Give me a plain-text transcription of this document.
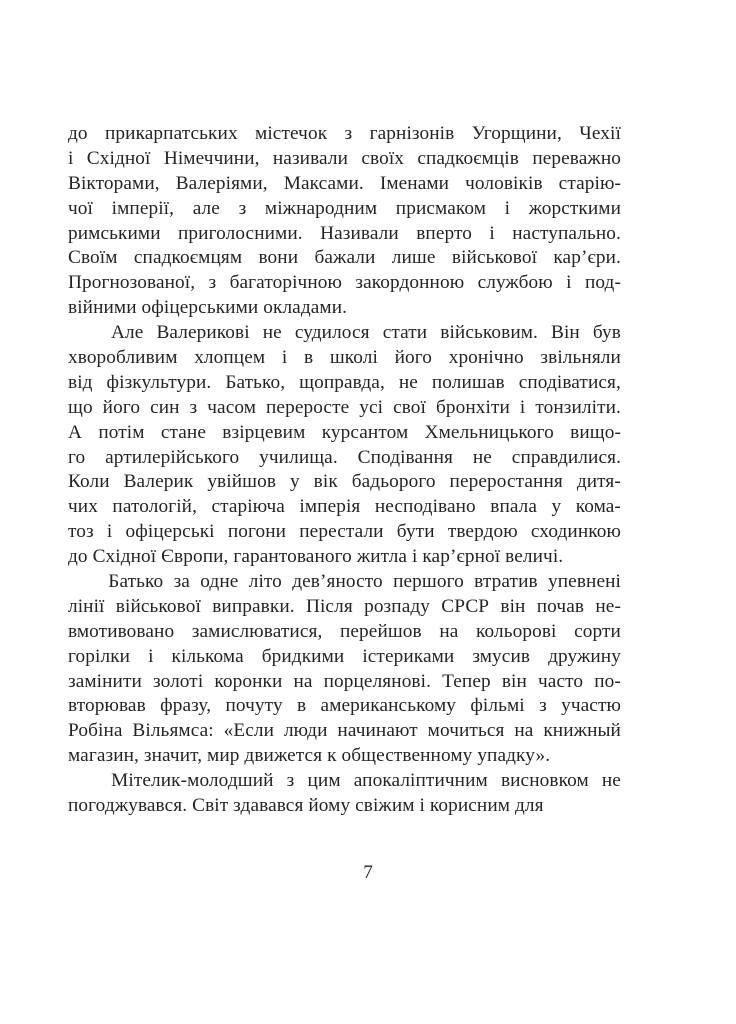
до прикарпатських містечок з гарнізонів Угорщини, Чехії
і Східної Німеччини, називали своїх спадкоємців переважно
Вікторами, Валеріями, Максами. Іменами чоловіків старію-
чої імперії, але з міжнародним присмаком і жорсткими
римськими приголосними. Називали вперто і наступально.
Своїм спадкоємцям вони бажали лише військової кар’єри.
Прогнозованої, з багаторічною закордонною службою і под-
війними офіцерськими окладами.
Але Валерикові не судилося стати військовим. Він був
хворобливим хлопцем і в школі його хронічно звільняли
від фізкультури. Батько, щоправда, не полишав сподіватися,
що його син з часом переросте усі свої бронхіти і тонзиліти.
А потім стане взірцевим курсантом Хмельницького вищо-
го артилерійського училища. Сподівання не справдилися.
Коли Валерик увійшов у вік бадьорого переростання дитя-
чих патологій, старіюча імперія несподівано впала у кома-
тоз і офіцерські погони перестали бути твердою сходинкою
до Східної Європи, гарантованого житла і кар’єрної величі.
Батько за одне літо дев’яносто першого втратив упевнені
лінії військової виправки. Після розпаду СРСР він почав не-
вмотивовано замислюватися, перейшов на кольорові сорти
горілки і кількома бридкими істериками змусив дружину
замінити золоті коронки на порцелянові. Тепер він часто по-
вторював фразу, почуту в американському фільмі з участю
Робіна Вільямса: «Если люди начинают мочиться на книжный
магазин, значит, мир движется к общественному упадку».
Мітелик-молодший з цим апокаліптичним висновком не
погоджувався. Світ здавався йому свіжим і корисним для
7
